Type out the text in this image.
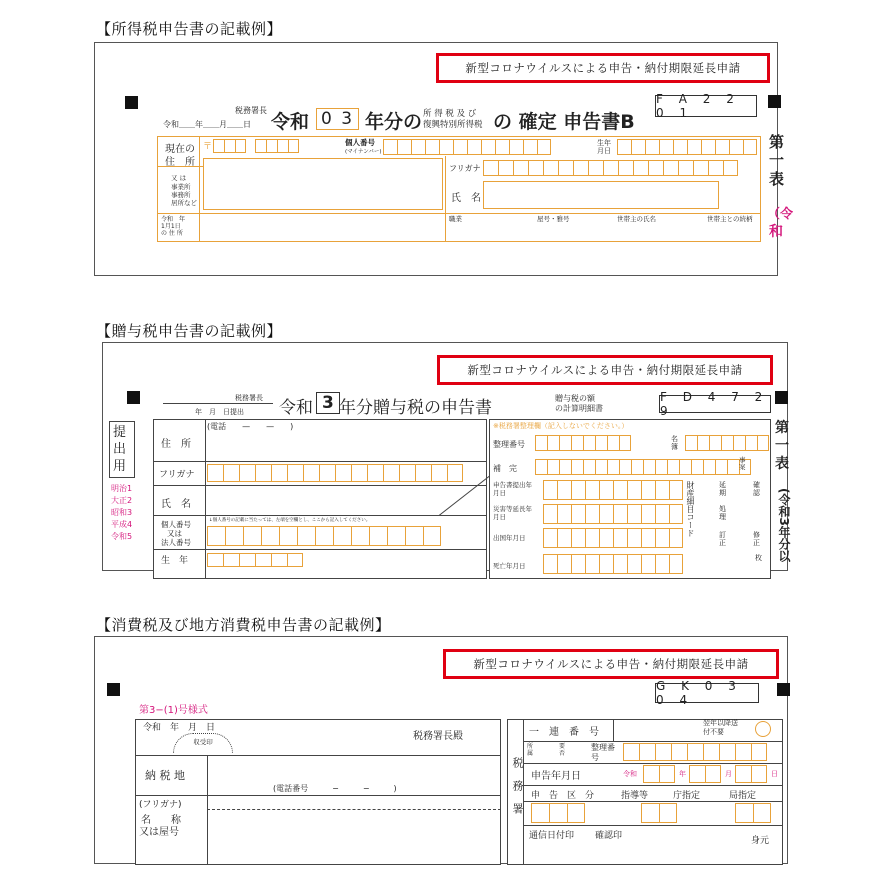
【所得税申告書の記載例】
新型コロナウイルスによる申告・納付期限延長申請
F A 2 2 0 1
税務署長
令和＿＿年＿＿月＿＿日 令和 0 3 年分の 所 得 税 及 び
復興特別所得税 の 確定 申告書B
第
一
表
（令
和
現在の
住　所
又 は
事業所
事務所
居所など
〒	個人番号
(マイナンバー)
生年
月日
フリガナ
氏　名
令和　年
1月1日
の 住 所
職業	屋号・雅号	世帯主の氏名	世帯主との続柄
【贈与税申告書の記載例】
新型コロナウイルスによる申告・納付期限延長申請
F D 4 7 2 9
税務署長
年　月　日提出 令和 3 年分贈与税の申告書	贈与税の額
の計算明細書
第
一
表
(令和3年分以
提出用
住　所
(電話　　—　　—　　)
フリガナ
氏　名
個人番号
又は
法人番号
↓個人番号の記載に当たっては、左端を空欄とし、ここから記入してください。
生　年
明治1
大正2
昭和3
平成4
令和5
※税務署整理欄（記入しないでください。）
整理番号
名簿
補　完
事案
申告書提出年月日
災害等延長年月日
出国年月日
死亡年月日
財産細目コード	延期
処理
訂正
確認
修正
枚
【消費税及び地方消費税申告書の記載例】
新型コロナウイルスによる申告・納付期限延長申請
G K 0 3 0 4
第3−(1)号様式
令和　年　月　日
税務署長殿
収受印
納 税 地
(電話番号　　　−　　　−　　　)
(フリガナ)
名　　称
又は屋号
一　連　番　号
翌年以降送付不要
所属
要否
整理番号
税務署 申告年月日	令和	年	月	日
申　告　区　分	指導等	庁指定	局指定
通信日付印 確認印	身元
